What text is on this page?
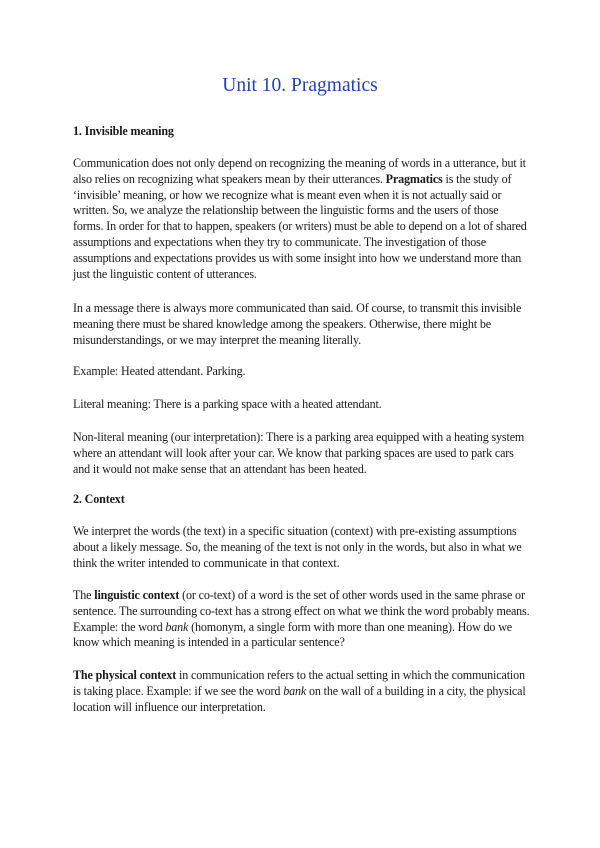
Unit 10. Pragmatics

1. Invisible meaning

Communication does not only depend on recognizing the meaning of words in a utterance, but it also relies on recognizing what speakers mean by their utterances. Pragmatics is the study of ‘invisible’ meaning, or how we recognize what is meant even when it is not actually said or written. So, we analyze the relationship between the linguistic forms and the users of those forms. In order for that to happen, speakers (or writers) must be able to depend on a lot of shared assumptions and expectations when they try to communicate. The investigation of those assumptions and expectations provides us with some insight into how we understand more than just the linguistic content of utterances.

In a message there is always more communicated than said. Of course, to transmit this invisible meaning there must be shared knowledge among the speakers. Otherwise, there might be misunderstandings, or we may interpret the meaning literally.

Example: Heated attendant. Parking.

Literal meaning: There is a parking space with a heated attendant.

Non-literal meaning (our interpretation): There is a parking area equipped with a heating system where an attendant will look after your car. We know that parking spaces are used to park cars and it would not make sense that an attendant has been heated.

2. Context

We interpret the words (the text) in a specific situation (context) with pre-existing assumptions about a likely message. So, the meaning of the text is not only in the words, but also in what we think the writer intended to communicate in that context.

The linguistic context (or co-text) of a word is the set of other words used in the same phrase or sentence. The surrounding co-text has a strong effect on what we think the word probably means. Example: the word bank (homonym, a single form with more than one meaning). How do we know which meaning is intended in a particular sentence?

The physical context in communication refers to the actual setting in which the communication is taking place. Example: if we see the word bank on the wall of a building in a city, the physical location will influence our interpretation.
